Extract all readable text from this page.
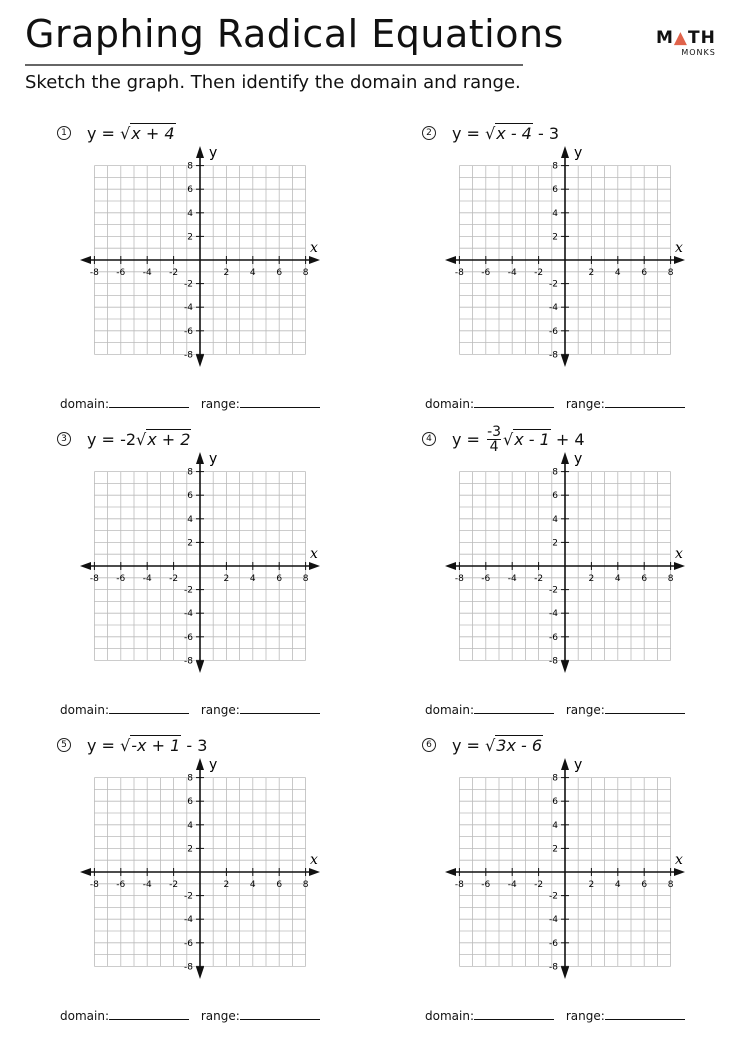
Graphing Radical Equations
Sketch the graph. Then identify the domain and range.
M▲TH
MONKS
1 y =
√ x + 4
domain:	range:
-8
8
-6
6
-4
4
-2
2
2
-2
4
-4
6
-6
8
-8
x
y
2 y =
√ x - 4
- 3
domain:	range:
-8
8
-6
6
-4
4
-2
2
2
-2
4
-4
6
-6
8
-8
x
y
3 y =
-2 √ x + 2
domain:	range:
-8
8
-6
6
-4
4
-2
2
2
-2
4
-4
6
-6
8
-8
x
y
4 y =
$\frac{-3}{4}$ √ x - 1
+ 4
domain:	range:
-8
8
-6
6
-4
4
-2
2
2
-2
4
-4
6
-6
8
-8
x
y
5 y =
√ -x + 1
- 3
domain:	range:
-8
8
-6
6
-4
4
-2
2
2
-2
4
-4
6
-6
8
-8
x
y
6 y =
√ 3x - 6
domain:	range:
-8
8
-6
6
-4
4
-2
2
2
-2
4
-4
6
-6
8
-8
x
y
